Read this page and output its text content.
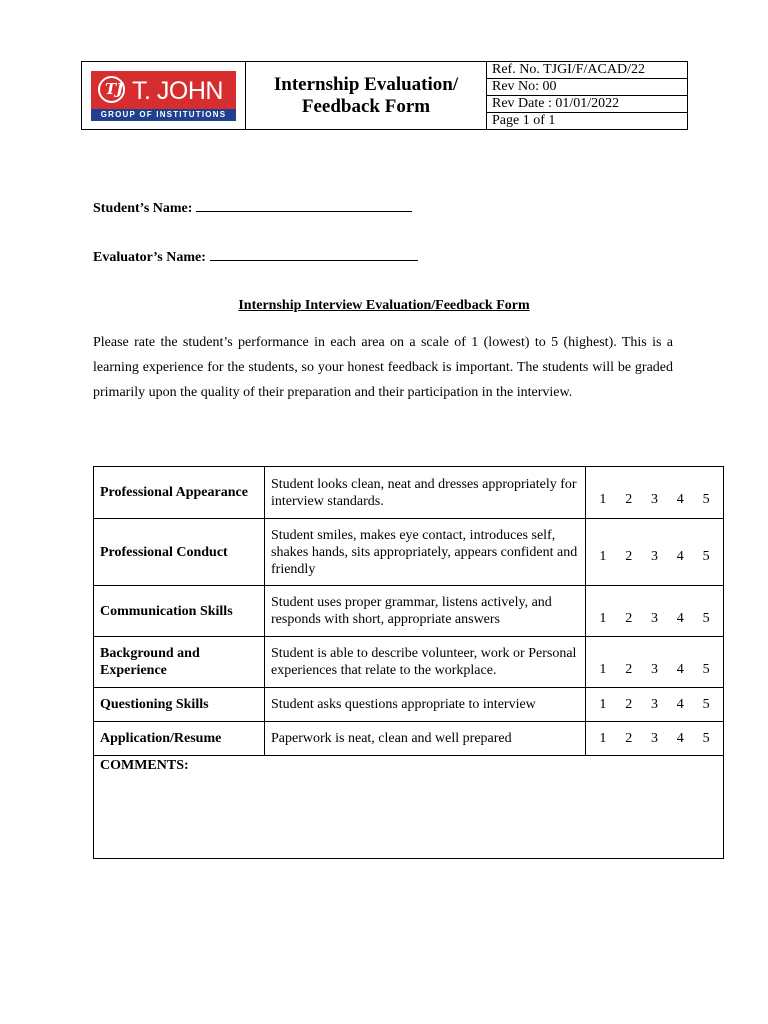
TJ T. JOHN
GROUP OF INSTITUTIONS
Internship Evaluation/
Feedback Form
Ref. No. TJGI/F/ACAD/22
Rev No: 00
Rev Date : 01/01/2022
Page 1 of 1
Student’s Name:
Evaluator’s Name:
Internship Interview Evaluation/Feedback Form
Please rate the student’s performance in each area on a scale of 1 (lowest) to 5 (highest). This is a learning experience for the students, so your honest feedback is important. The students will be graded primarily upon the quality of their preparation and their participation in the interview.
Professional Appearance	Student looks clean, neat and dresses appropriately for interview standards.	1 2 3 4 5

Professional Conduct	Student smiles, makes eye contact, introduces self, shakes hands, sits appropriately, appears confident and friendly	1 2 3 4 5

Communication Skills	Student uses proper grammar, listens actively, and responds with short, appropriate answers	1 2 3 4 5

Background and Experience	Student is able to describe volunteer, work or Personal experiences that relate to the workplace.	1 2 3 4 5

Questioning Skills	Student asks questions appropriate to interview	1 2 3 4 5

Application/Resume	Paperwork is neat, clean and well prepared	1 2 3 4 5

COMMENTS:		
